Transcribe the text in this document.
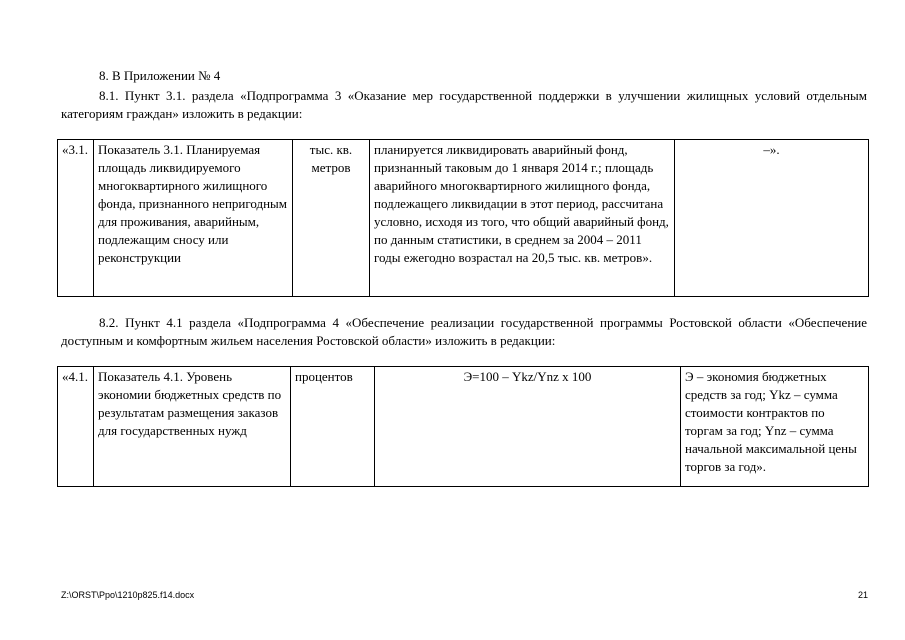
8. В Приложении № 4
8.1. Пункт 3.1. раздела «Подпрограмма 3 «Оказание мер государственной поддержки в улучшении жилищных условий отдельным категориям граждан» изложить в редакции:
«3.1.	Показатель 3.1. Планируемая площадь ликвидируемого многоквартирного жилищного фонда, признанного непригодным для проживания, аварийным, подлежащим сносу или реконструкции	тыс. кв. метров	планируется ликвидировать аварийный фонд, признанный таковым до 1 января 2014 г.; площадь аварийного многоквартирного жилищного фонда, подлежащего ликвидации в этот период, рассчитана условно, исходя из того, что общий аварийный фонд, по данным статистики, в среднем за 2004 – 2011 годы ежегодно возрастал на 20,5 тыс. кв. метров».	–».
8.2. Пункт 4.1 раздела «Подпрограмма 4 «Обеспечение реализации государственной программы Ростовской области «Обеспечение доступным и комфортным жильем населения Ростовской области» изложить в редакции:
«4.1.	Показатель 4.1. Уровень экономии бюджетных средств по результатам размещения заказов для государственных нужд	процентов	Э=100 – Ykz/Ynz x 100	Э – экономия бюджетных средств за год; Ykz – сумма стоимости контрактов по торгам за год; Ynz – сумма начальной максимальной цены торгов за год».
Z:\ORST\Ppo\1210p825.f14.docx	21
